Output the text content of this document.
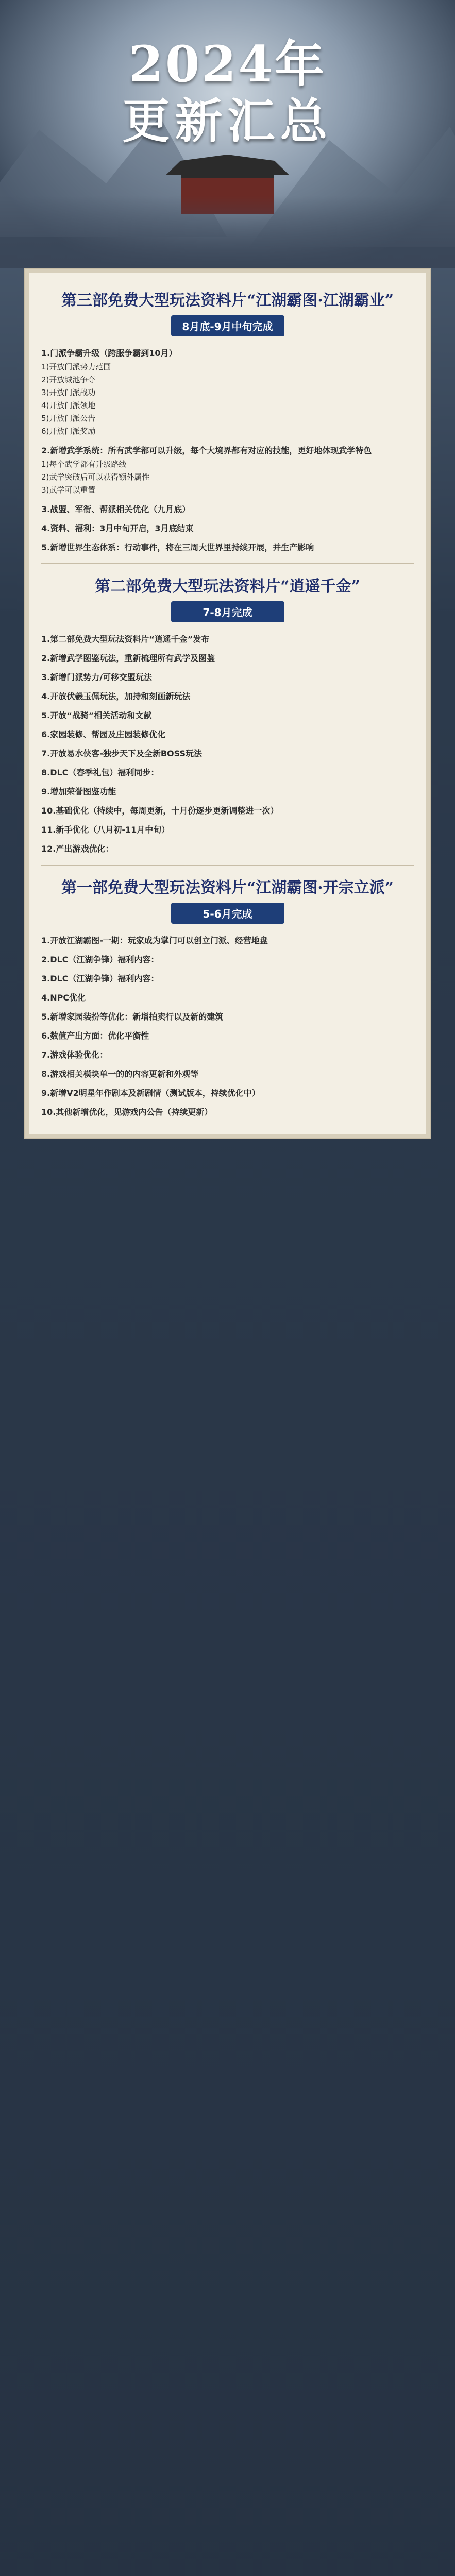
2024年
更新汇总
第三部免费大型玩法资料片“江湖霸图·江湖霸业”
8月底-9月中旬完成
1.门派争霸升级（跨服争霸到10月）
1)开放门派势力范围
2)开放城池争夺
3)开放门派战功
4)开放门派领地
5)开放门派公告
6)开放门派奖励
2.新增武学系统：所有武学都可以升级，每个大境界都有对应的技能，更好地体现武学特色
1)每个武学都有升级路线
2)武学突破后可以获得额外属性
3)武学可以重置
3.战盟、军衔、帮派相关优化（九月底）
4.资料、福利：3月中旬开启，3月底结束
5.新增世界生态体系：行动事件，将在三周大世界里持续开展，并生产影响
第二部免费大型玩法资料片“逍遥千金”
7-8月完成
1.第二部免费大型玩法资料片“逍遥千金”发布
2.新增武学图鉴玩法，重新梳理所有武学及图鉴
3.新增门派势力/可移交盟玩法
4.开放伏羲玉佩玩法，加持和刻画新玩法
5.开放“战骑”相关活动和文献
6.家园装修、帮园及庄园装修优化
7.开放易水侠客-独步天下及全新BOSS玩法
8.DLC（春季礼包）福利同步：
9.增加荣誉图鉴功能
10.基础优化（持续中，每周更新，十月份逐步更新调整进一次）
11.新手优化（八月初-11月中旬）
12.严出游戏优化：
第一部免费大型玩法资料片“江湖霸图·开宗立派”
5-6月完成
1.开放江湖霸图-一期：玩家成为掌门可以创立门派、经营地盘
2.DLC（江湖争锋）福利内容：
3.DLC（江湖争锋）福利内容：
4.NPC优化
5.新增家园装扮等优化：新增拍卖行以及新的建筑
6.数值产出方面：优化平衡性
7.游戏体验优化：
8.游戏相关模块单一的的内容更新和外观等
9.新增V2明星年作剧本及新剧情（测试版本，持续优化中）
10.其他新增优化，见游戏内公告（持续更新）
